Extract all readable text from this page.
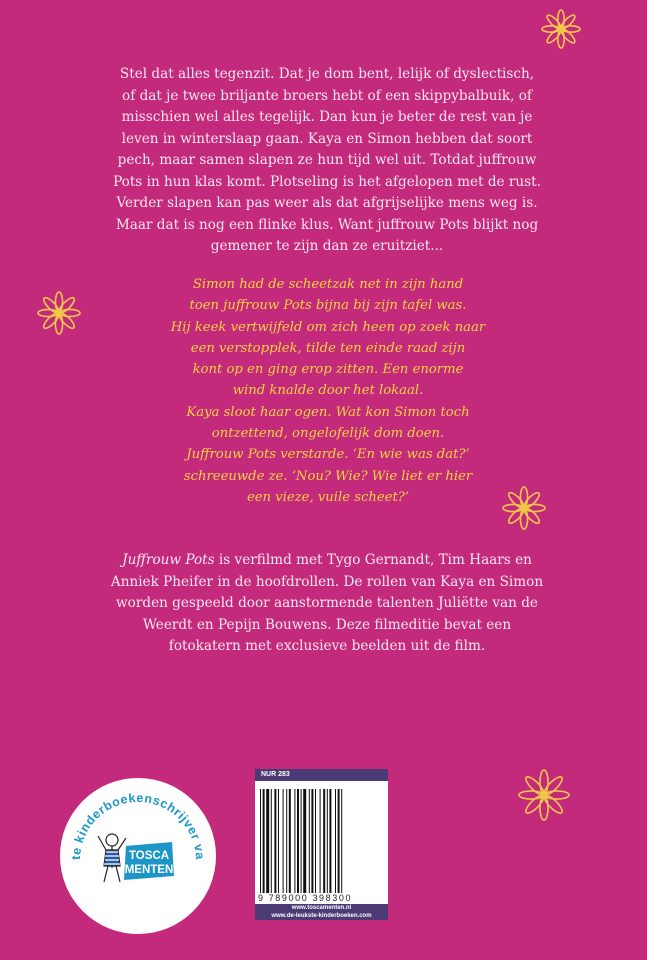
Stel dat alles tegenzit. Dat je dom bent, lelijk of dyslectisch, of dat je twee briljante broers hebt of een skippybalbuik, of misschien wel alles tegelijk. Dan kun je beter de rest van je leven in winterslaap gaan. Kaya en Simon hebben dat soort pech, maar samen slapen ze hun tijd wel uit. Totdat juffrouw Pots in hun klas komt. Plotseling is het afgelopen met de rust. Verder slapen kan pas weer als dat afgrijselijke mens weg is. Maar dat is nog een flinke klus. Want juffrouw Pots blijkt nog gemener te zijn dan ze eruitziet...

Simon had de scheetzak net in zijn hand
toen juffrouw Pots bijna bij zijn tafel was.
Hij keek vertwijfeld om zich heen op zoek naar
een verstopplek, tilde ten einde raad zijn
kont op en ging erop zitten. Een enorme
wind knalde door het lokaal.
Kaya sloot haar ogen. Wat kon Simon toch
ontzettend, ongelofelijk dom doen.
Juffrouw Pots verstarde. ‘En wie was dat?’
schreeuwde ze. ‘Nou? Wie? Wie liet er hier
een vieze, vuile scheet?’

Juffrouw Pots is verfilmd met Tygo Gernandt, Tim Haars en Anniek Pheifer in de hoofdrollen. De rollen van Kaya en Simon worden gespeeld door aanstormende talenten Juliëtte van de Weerdt en Pepijn Bouwens. Deze filmeditie bevat een fotokatern met exclusieve beelden uit de film.

te kinderboekenschrijver va
TOSCA
MENTEN
NUR 283
9 789000 398300
www.toscamenten.nl
www.de-leukste-kinderboeken.com
